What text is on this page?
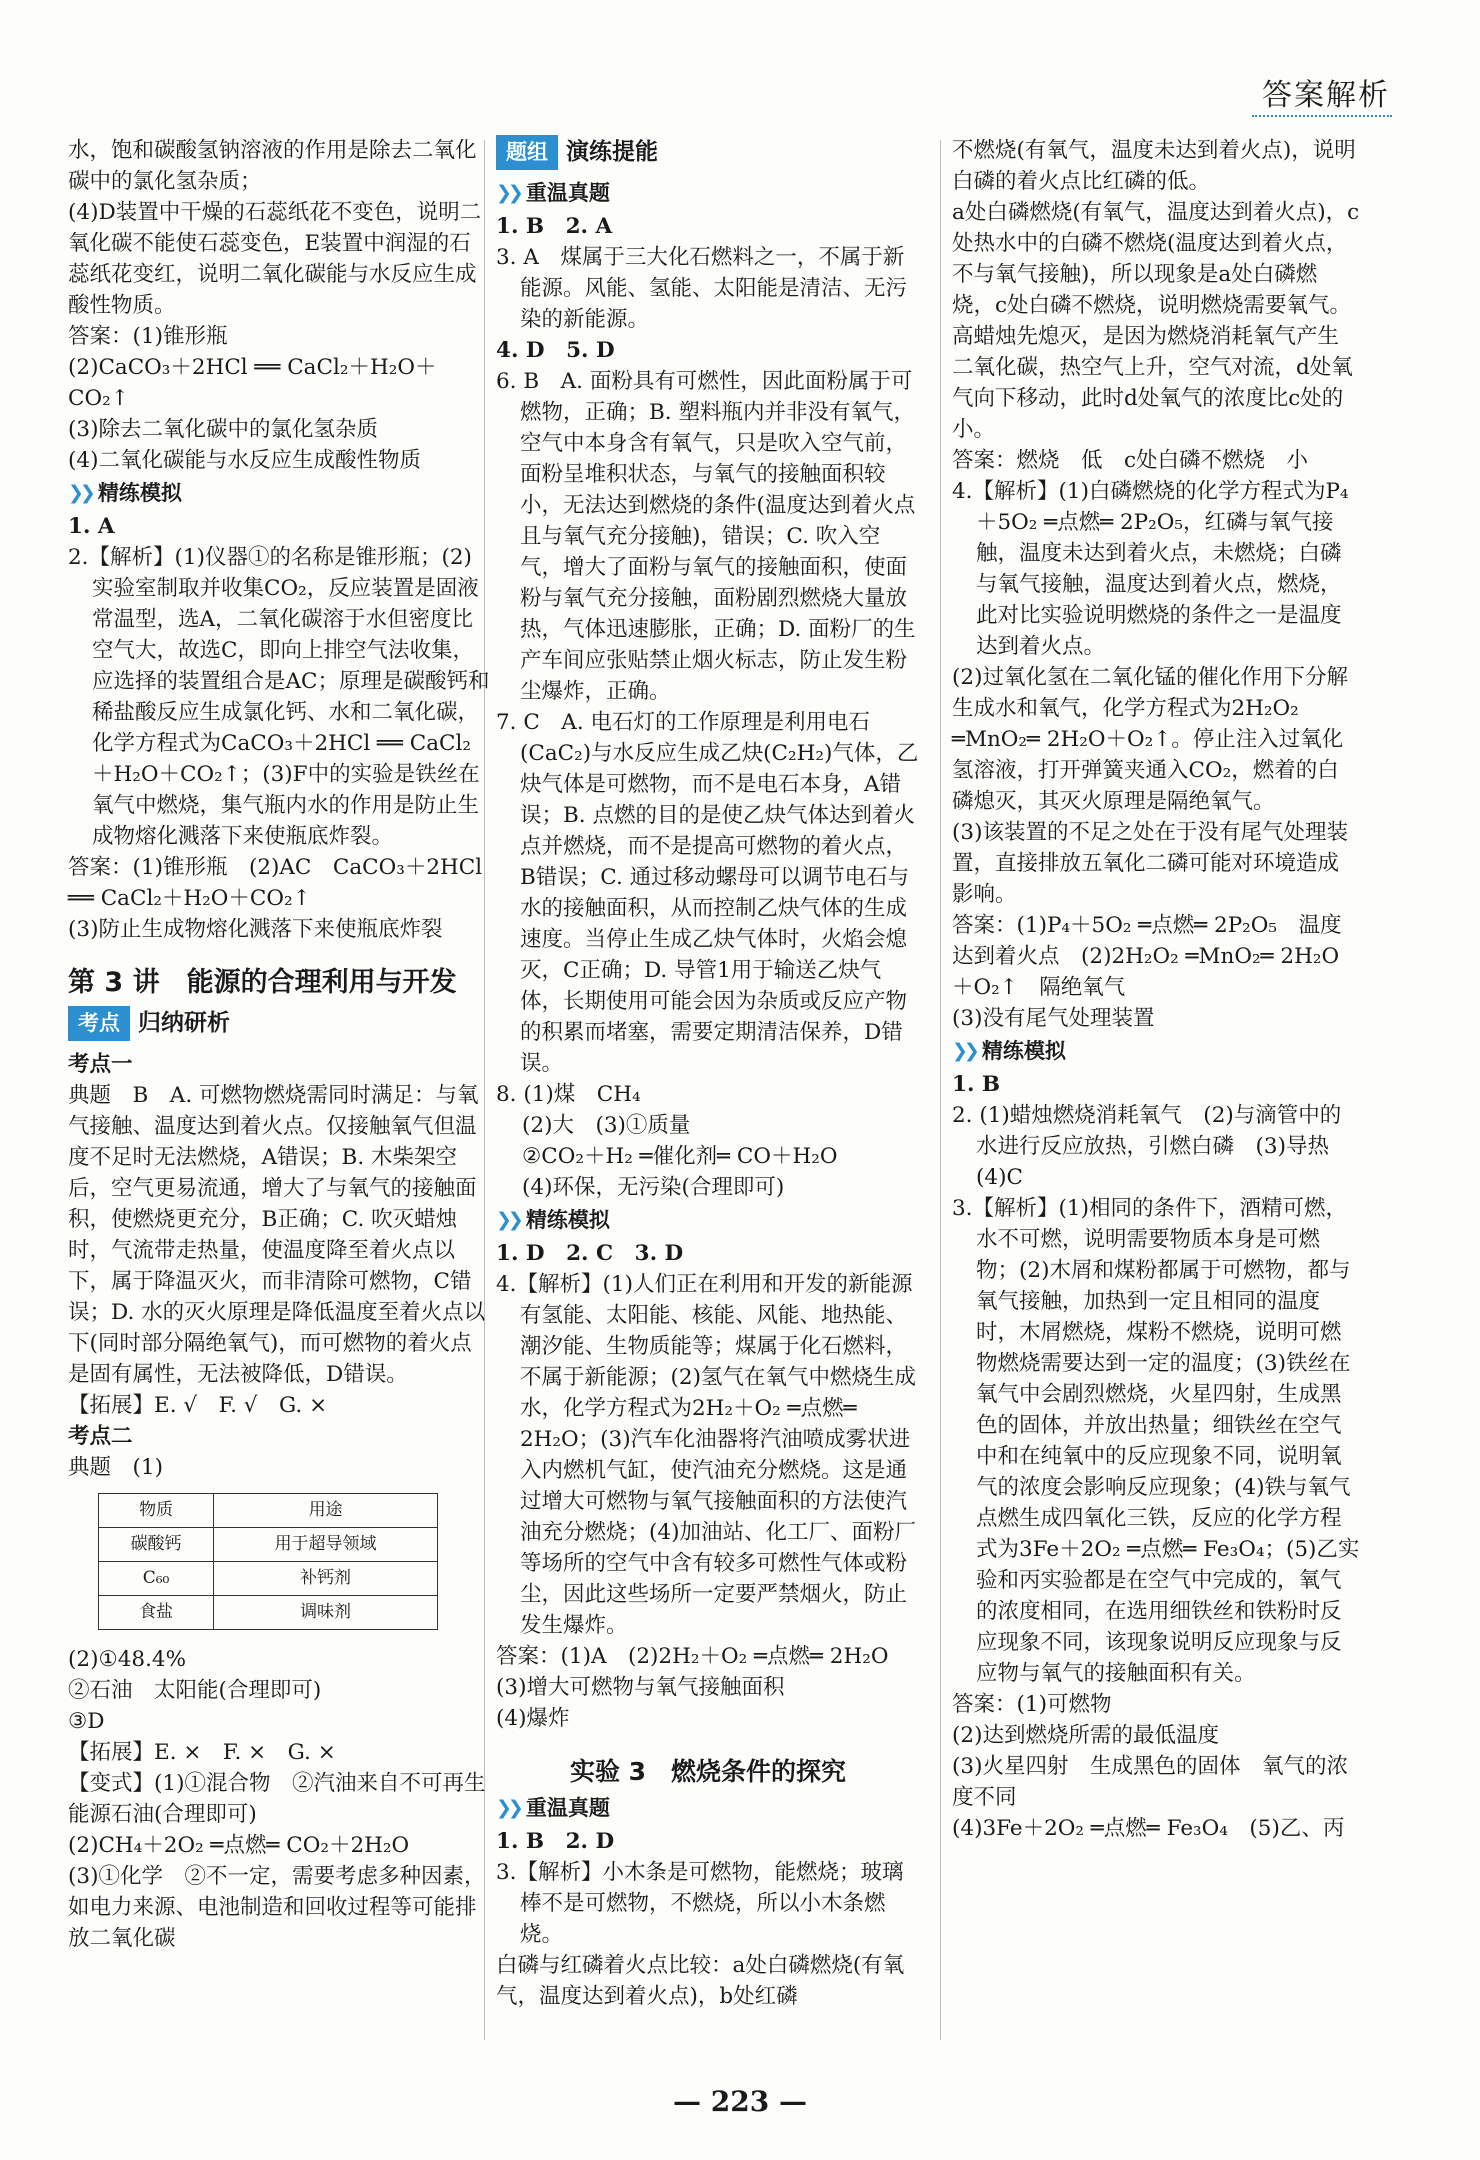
答案解析

水，饱和碳酸氢钠溶液的作用是除去二氧化碳中的氯化氢杂质；

(4)D装置中干燥的石蕊纸花不变色，说明二氧化碳不能使石蕊变色，E装置中润湿的石蕊纸花变红，说明二氧化碳能与水反应生成酸性物质。

答案：(1)锥形瓶

(2)CaCO₃＋2HCl ══ CaCl₂＋H₂O＋CO₂↑

(3)除去二氧化碳中的氯化氢杂质

(4)二氧化碳能与水反应生成酸性物质

❯❯ 精练模拟

1. A

2.【解析】(1)仪器①的名称是锥形瓶；(2)实验室制取并收集CO₂，反应装置是固液常温型，选A，二氧化碳溶于水但密度比空气大，故选C，即向上排空气法收集，应选择的装置组合是AC；原理是碳酸钙和稀盐酸反应生成氯化钙、水和二氧化碳，化学方程式为CaCO₃＋2HCl ══ CaCl₂＋H₂O＋CO₂↑；(3)F中的实验是铁丝在氧气中燃烧，集气瓶内水的作用是防止生成物熔化溅落下来使瓶底炸裂。

答案：(1)锥形瓶　(2)AC　CaCO₃＋2HCl ══ CaCl₂＋H₂O＋CO₂↑

(3)防止生成物熔化溅落下来使瓶底炸裂

第 3 讲　能源的合理利用与开发
考点 归纳研析

考点一

典题　B　A. 可燃物燃烧需同时满足：与氧气接触、温度达到着火点。仅接触氧气但温度不足时无法燃烧，A错误；B. 木柴架空后，空气更易流通，增大了与氧气的接触面积，使燃烧更充分，B正确；C. 吹灭蜡烛时，气流带走热量，使温度降至着火点以下，属于降温灭火，而非清除可燃物，C错误；D. 水的灭火原理是降低温度至着火点以下(同时部分隔绝氧气)，而可燃物的着火点是固有属性，无法被降低，D错误。

【拓展】E. √　F. √　G. ×

考点二

典题　(1)

物质	用途
碳酸钙	用于超导领域
C₆₀	补钙剂
食盐	调味剂

(2)①48.4%

②石油　太阳能(合理即可)

③D

【拓展】E. ×　F. ×　G. ×

【变式】(1)①混合物　②汽油来自不可再生能源石油(合理即可)

(2)CH₄＋2O₂ ═点燃═ CO₂＋2H₂O

(3)①化学　②不一定，需要考虑多种因素，如电力来源、电池制造和回收过程等可能排放二氧化碳

题组 演练提能
❯❯ 重温真题

1. B　2. A

3. A　煤属于三大化石燃料之一，不属于新能源。风能、氢能、太阳能是清洁、无污染的新能源。

4. D　5. D

6. B　A. 面粉具有可燃性，因此面粉属于可燃物，正确；B. 塑料瓶内并非没有氧气，空气中本身含有氧气，只是吹入空气前，面粉呈堆积状态，与氧气的接触面积较小，无法达到燃烧的条件(温度达到着火点且与氧气充分接触)，错误；C. 吹入空气，增大了面粉与氧气的接触面积，使面粉与氧气充分接触，面粉剧烈燃烧大量放热，气体迅速膨胀，正确；D. 面粉厂的生产车间应张贴禁止烟火标志，防止发生粉尘爆炸，正确。

7. C　A. 电石灯的工作原理是利用电石(CaC₂)与水反应生成乙炔(C₂H₂)气体，乙炔气体是可燃物，而不是电石本身，A错误；B. 点燃的目的是使乙炔气体达到着火点并燃烧，而不是提高可燃物的着火点，B错误；C. 通过移动螺母可以调节电石与水的接触面积，从而控制乙炔气体的生成速度。当停止生成乙炔气体时，火焰会熄灭，C正确；D. 导管1用于输送乙炔气体，长期使用可能会因为杂质或反应产物的积累而堵塞，需要定期清洁保养，D错误。

8. (1)煤　CH₄

(2)大　(3)①质量

②CO₂＋H₂ ═催化剂═ CO＋H₂O

(4)环保，无污染(合理即可)

❯❯ 精练模拟

1. D　2. C　3. D

4.【解析】(1)人们正在利用和开发的新能源有氢能、太阳能、核能、风能、地热能、潮汐能、生物质能等；煤属于化石燃料，不属于新能源；(2)氢气在氧气中燃烧生成水，化学方程式为2H₂＋O₂ ═点燃═ 2H₂O；(3)汽车化油器将汽油喷成雾状进入内燃机气缸，使汽油充分燃烧。这是通过增大可燃物与氧气接触面积的方法使汽油充分燃烧；(4)加油站、化工厂、面粉厂等场所的空气中含有较多可燃性气体或粉尘，因此这些场所一定要严禁烟火，防止发生爆炸。

答案：(1)A　(2)2H₂＋O₂ ═点燃═ 2H₂O

(3)增大可燃物与氧气接触面积

(4)爆炸

实验 3　燃烧条件的探究
❯❯ 重温真题

1. B　2. D

3.【解析】小木条是可燃物，能燃烧；玻璃棒不是可燃物，不燃烧，所以小木条燃烧。

白磷与红磷着火点比较：a处白磷燃烧(有氧气，温度达到着火点)，b处红磷

不燃烧(有氧气，温度未达到着火点)，说明白磷的着火点比红磷的低。

a处白磷燃烧(有氧气，温度达到着火点)，c处热水中的白磷不燃烧(温度达到着火点，不与氧气接触)，所以现象是a处白磷燃烧，c处白磷不燃烧，说明燃烧需要氧气。

高蜡烛先熄灭，是因为燃烧消耗氧气产生二氧化碳，热空气上升，空气对流，d处氧气向下移动，此时d处氧气的浓度比c处的小。

答案：燃烧　低　c处白磷不燃烧　小

4.【解析】(1)白磷燃烧的化学方程式为P₄＋5O₂ ═点燃═ 2P₂O₅，红磷与氧气接触，温度未达到着火点，未燃烧；白磷与氧气接触，温度达到着火点，燃烧，此对比实验说明燃烧的条件之一是温度达到着火点。

(2)过氧化氢在二氧化锰的催化作用下分解生成水和氧气，化学方程式为2H₂O₂ ═MnO₂═ 2H₂O＋O₂↑。停止注入过氧化氢溶液，打开弹簧夹通入CO₂，燃着的白磷熄灭，其灭火原理是隔绝氧气。

(3)该装置的不足之处在于没有尾气处理装置，直接排放五氧化二磷可能对环境造成影响。

答案：(1)P₄＋5O₂ ═点燃═ 2P₂O₅　温度达到着火点　(2)2H₂O₂ ═MnO₂═ 2H₂O＋O₂↑　隔绝氧气

(3)没有尾气处理装置

❯❯ 精练模拟

1. B

2. (1)蜡烛燃烧消耗氧气　(2)与滴管中的水进行反应放热，引燃白磷　(3)导热　(4)C

3.【解析】(1)相同的条件下，酒精可燃，水不可燃，说明需要物质本身是可燃物；(2)木屑和煤粉都属于可燃物，都与氧气接触，加热到一定且相同的温度时，木屑燃烧，煤粉不燃烧，说明可燃物燃烧需要达到一定的温度；(3)铁丝在氧气中会剧烈燃烧，火星四射，生成黑色的固体，并放出热量；细铁丝在空气中和在纯氧中的反应现象不同，说明氧气的浓度会影响反应现象；(4)铁与氧气点燃生成四氧化三铁，反应的化学方程式为3Fe＋2O₂ ═点燃═ Fe₃O₄；(5)乙实验和丙实验都是在空气中完成的，氧气的浓度相同，在选用细铁丝和铁粉时反应现象不同，该现象说明反应现象与反应物与氧气的接触面积有关。

答案：(1)可燃物

(2)达到燃烧所需的最低温度

(3)火星四射　生成黑色的固体　氧气的浓度不同

(4)3Fe＋2O₂ ═点燃═ Fe₃O₄　(5)乙、丙

— 223 —
